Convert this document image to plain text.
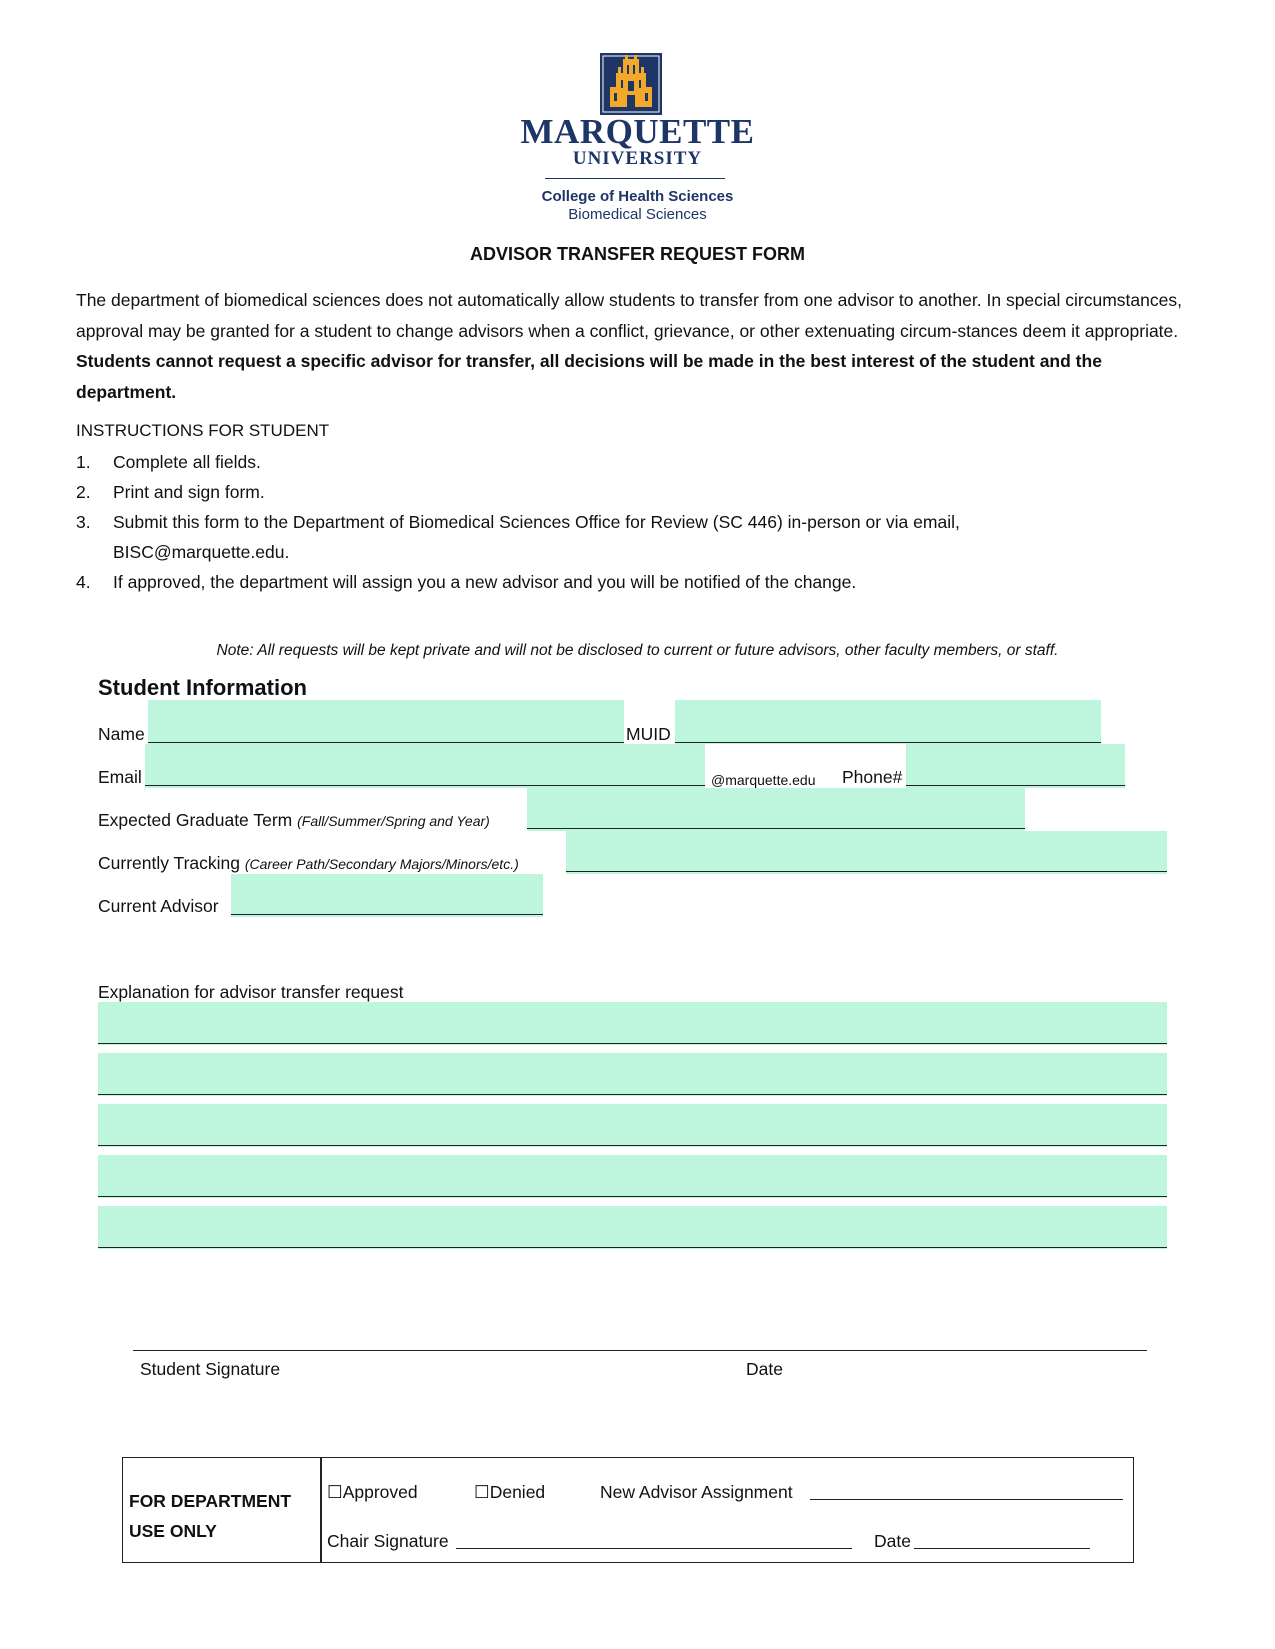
MARQUETTE
UNIVERSITY
College of Health Sciences
Biomedical Sciences
ADVISOR TRANSFER REQUEST FORM
The department of biomedical sciences does not automatically allow students to transfer from one advisor to another. In special circumstances, approval may be granted for a student to change advisors when a conflict, grievance, or other extenuating circum-stances deem it appropriate. Students cannot request a specific advisor for transfer, all decisions will be made in the best interest of the student and the department.
INSTRUCTIONS FOR STUDENT
1. Complete all fields.
2. Print and sign form.
3. Submit this form to the Department of Biomedical Sciences Office for Review (SC 446) in-person or via email,
BISC@marquette.edu.
4. If approved, the department will assign you a new advisor and you will be notified of the change.
Note: All requests will be kept private and will not be disclosed to current or future advisors, other faculty members, or staff.
Student Information
Name	MUID
Email	@marquette.edu Phone#
Expected Graduate Term (Fall/Summer/Spring and Year)
Currently Tracking (Career Path/Secondary Majors/Minors/etc.)
Current Advisor
Explanation for advisor transfer request
Student Signature	Date
FOR DEPARTMENT
USE ONLY
☐Approved	☐Denied	New Advisor Assignment
Chair Signature	Date
